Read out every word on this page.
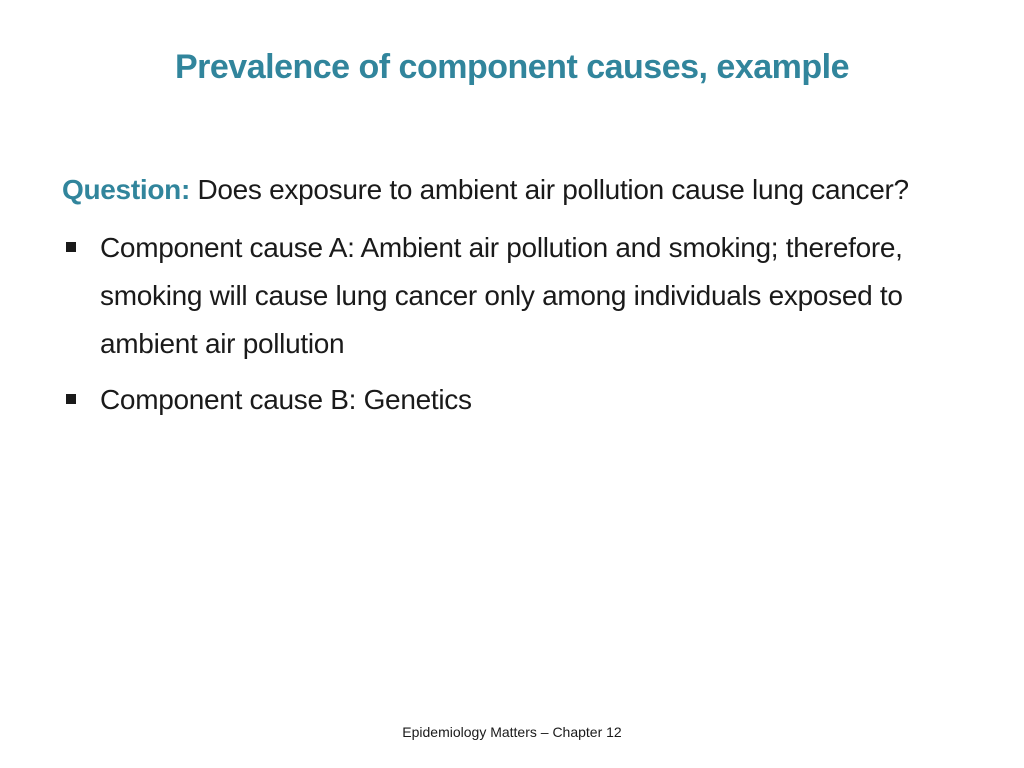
Prevalence of component causes, example

Question: Does exposure to ambient air pollution cause lung cancer?

Component cause A: Ambient air pollution and smoking; therefore, smoking will cause lung cancer only among individuals exposed to ambient air pollution
Component cause B: Genetics
Epidemiology Matters – Chapter 12
